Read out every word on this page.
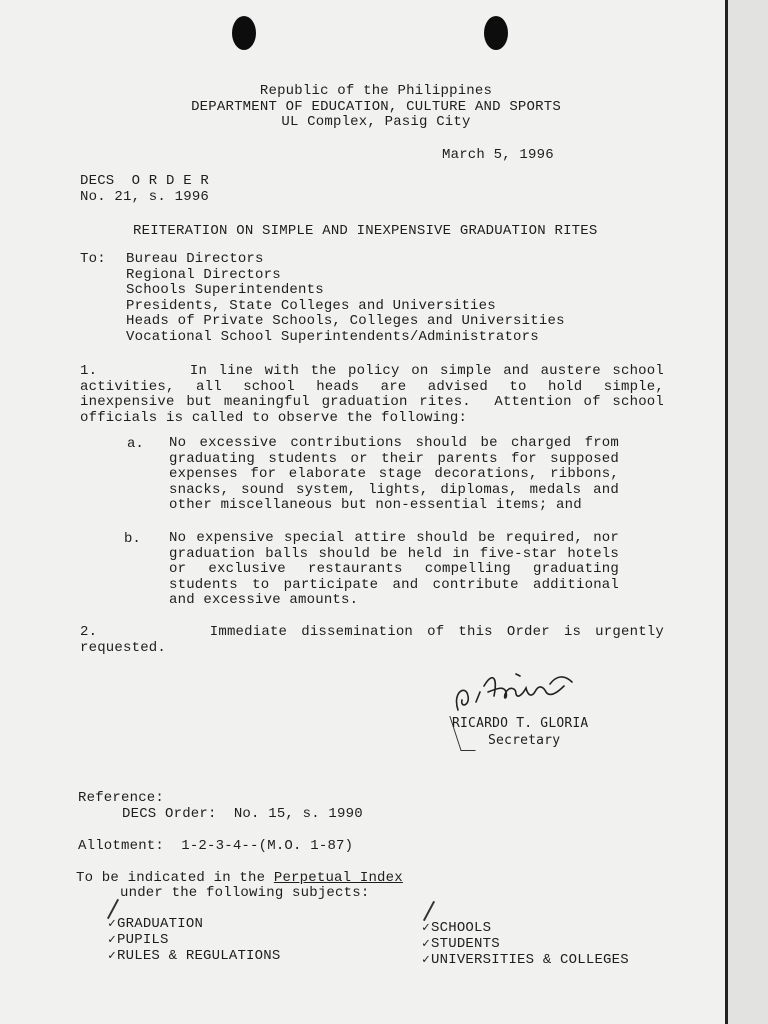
Republic of the Philippines
DEPARTMENT OF EDUCATION, CULTURE AND SPORTS
UL Complex, Pasig City
March 5, 1996
DECS  O R D E R
No. 21, s. 1996
REITERATION ON SIMPLE AND INEXPENSIVE GRADUATION RITES
To: Bureau Directors
Regional Directors
Schools Superintendents
Presidents, State Colleges and Universities
Heads of Private Schools, Colleges and Universities
Vocational School Superintendents/Administrators
1.        In line with the policy on simple and austere school activities, all school heads are advised to hold simple, inexpensive but meaningful graduation rites.  Attention of school officials is called to observe the following:
a. No excessive contributions should be charged from graduating students or their parents for supposed expenses for elaborate stage decorations, ribbons, snacks, sound system, lights, diplomas, medals and other miscellaneous but non-essential items; and
b. No expensive special attire should be required, nor graduation balls should be held in five-star hotels or exclusive restaurants compelling graduating students to participate and contribute additional and excessive amounts.
2.        Immediate dissemination of this Order is urgently requested.
RICARDO T. GLORIA
Secretary
Reference:
DECS Order:  No. 15, s. 1990
Allotment:  1-2-3-4--(M.O. 1-87)
To be indicated in the Perpetual Index
under the following subjects:
✓GRADUATION
✓PUPILS
✓RULES & REGULATIONS
✓SCHOOLS
✓STUDENTS
✓UNIVERSITIES & COLLEGES
